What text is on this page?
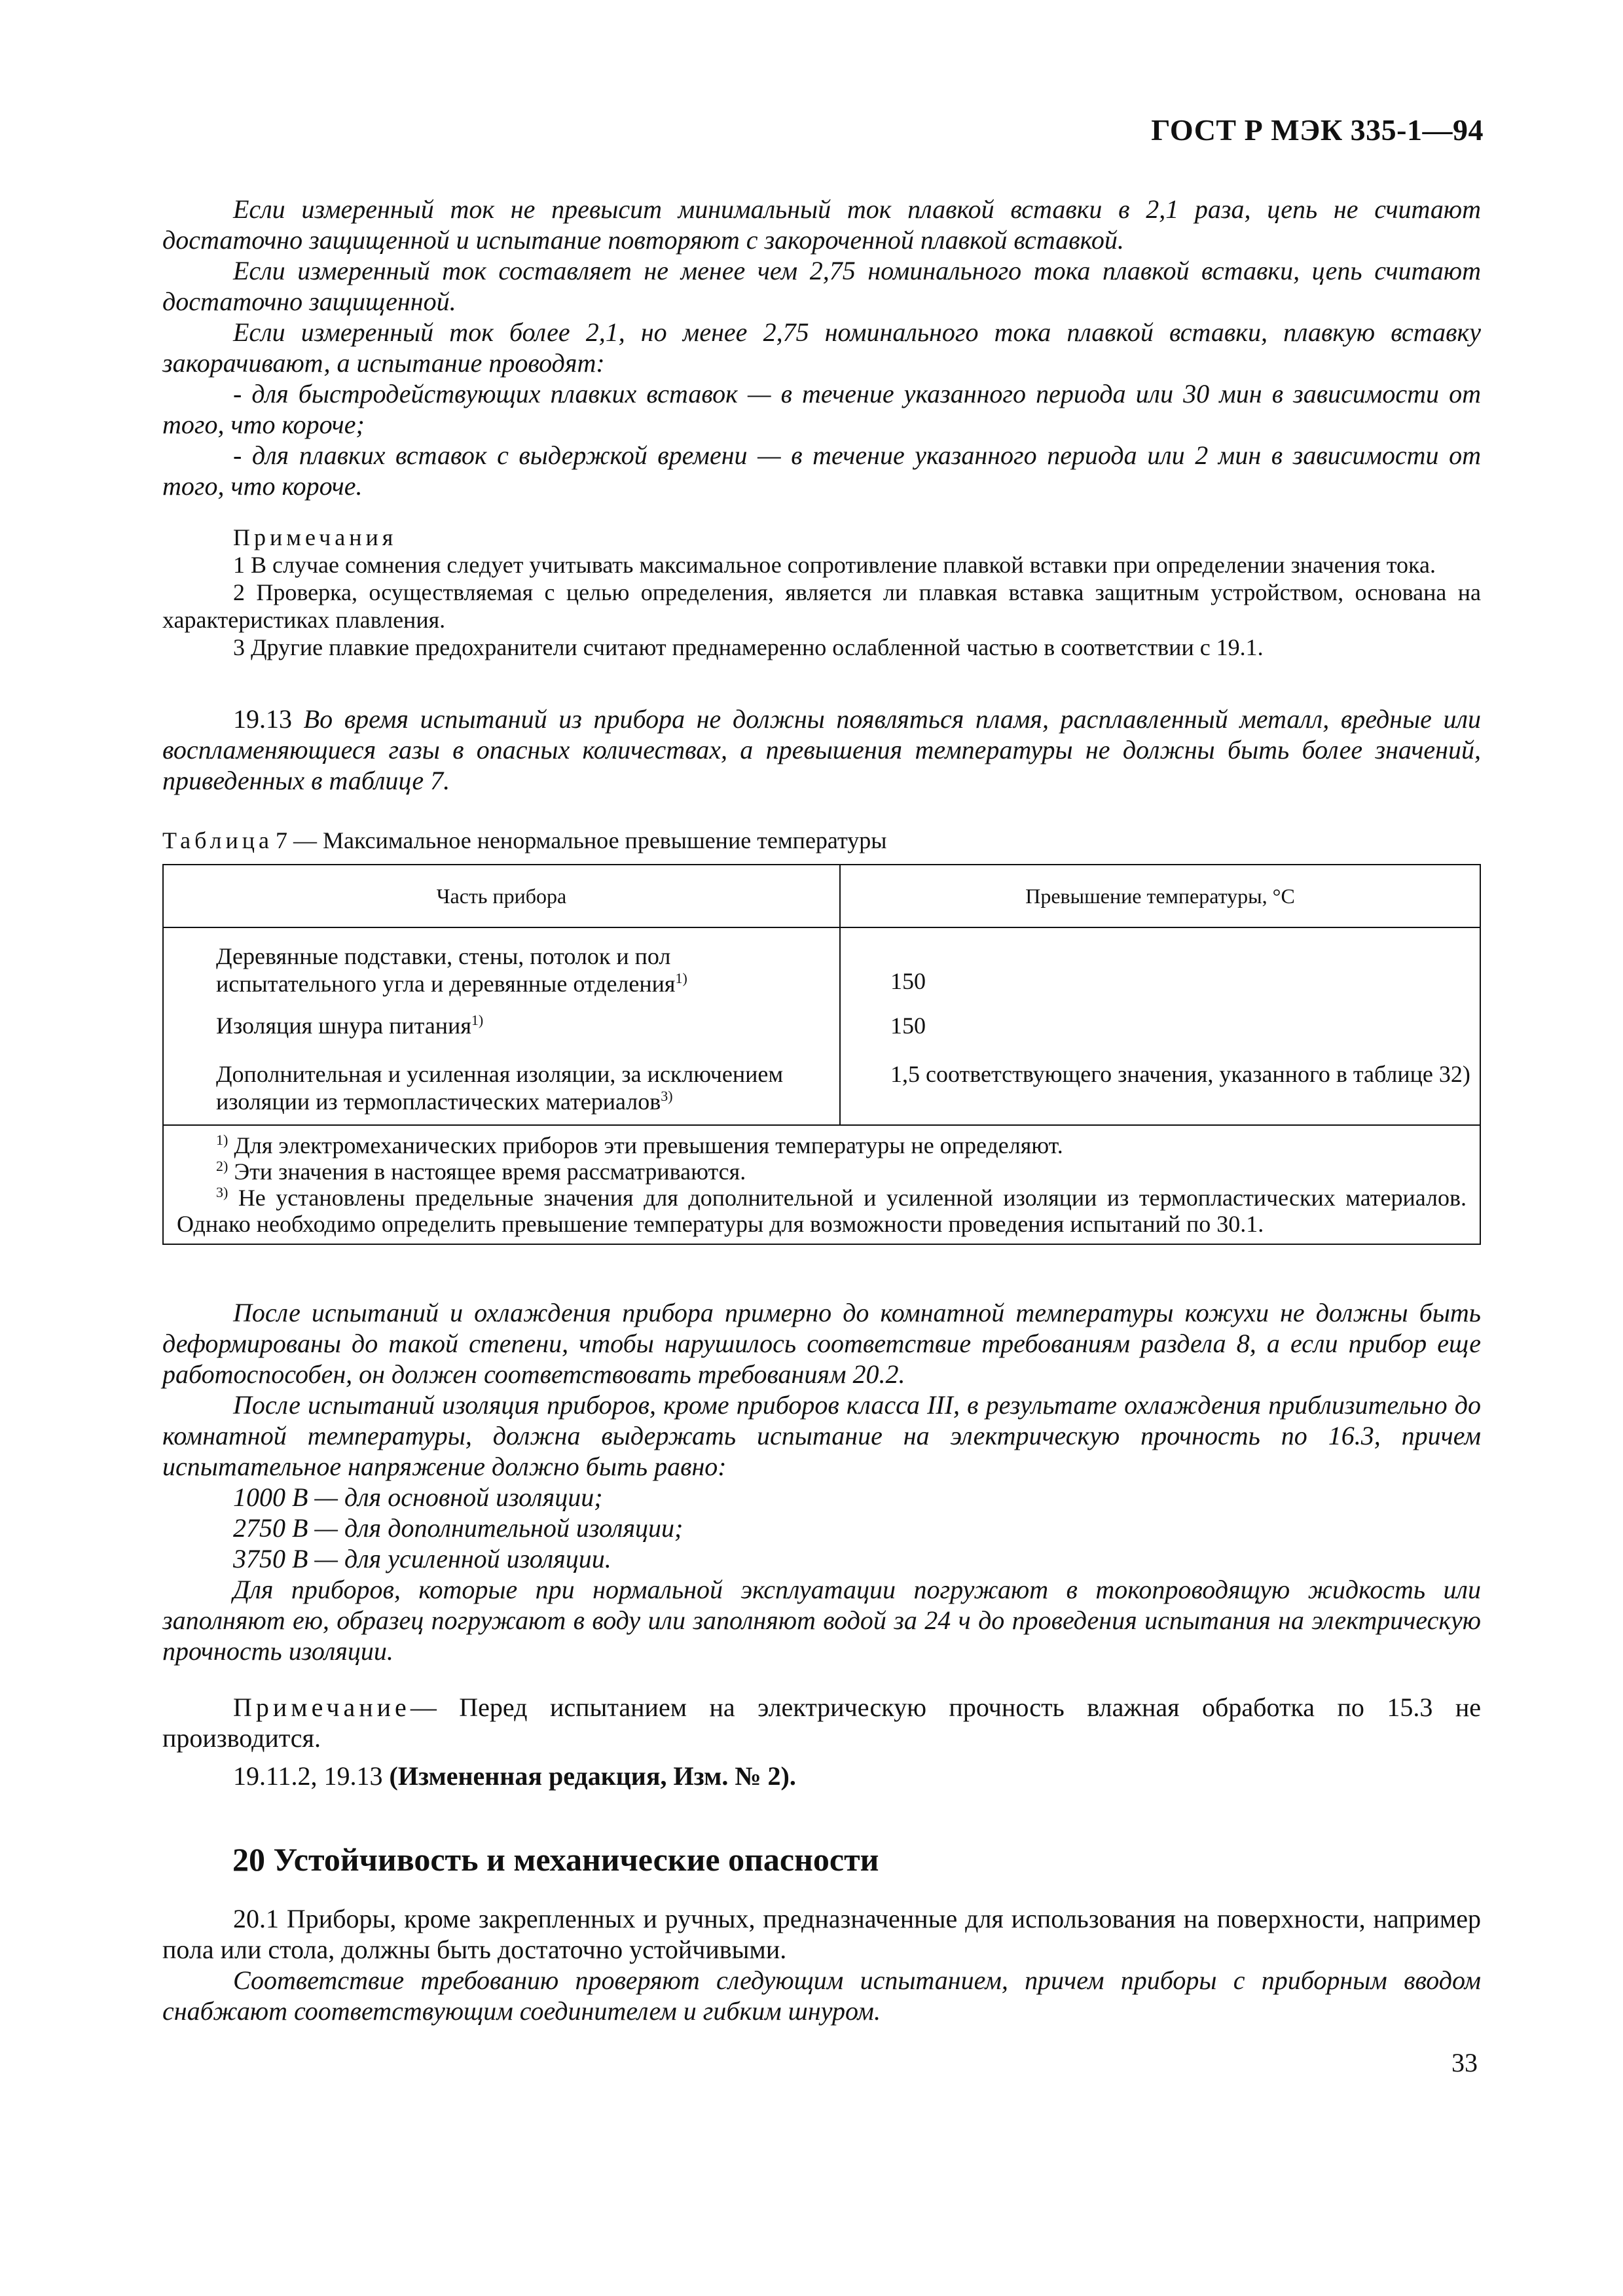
ГОСТ Р МЭК 335-1—94

Если измеренный ток не превысит минимальный ток плавкой вставки в 2,1 раза, цепь не считают достаточно защищенной и испытание повторяют с закороченной плавкой вставкой.

Если измеренный ток составляет не менее чем 2,75 номинального тока плавкой вставки, цепь считают достаточно защищенной.

Если измеренный ток более 2,1, но менее 2,75 номинального тока плавкой вставки, плавкую вставку закорачивают, а испытание проводят:

- для быстродействующих плавких вставок — в течение указанного периода или 30 мин в зависимости от того, что короче;

- для плавких вставок с выдержкой времени — в течение указанного периода или 2 мин в зависимости от того, что короче.

Примечания

1 В случае сомнения следует учитывать максимальное сопротивление плавкой вставки при определении значения тока.

2 Проверка, осуществляемая с целью определения, является ли плавкая вставка защитным устройством, основана на характеристиках плавления.

3 Другие плавкие предохранители считают преднамеренно ослабленной частью в соответствии с 19.1.

19.13 Во время испытаний из прибора не должны появляться пламя, расплавленный металл, вредные или воспламеняющиеся газы в опасных количествах, а превышения температуры не должны быть более значений, приведенных в таблице 7.

Таблица 7 — Максимальное ненормальное превышение температуры
Часть прибора	Превышение температуры, °С
Деревянные подставки, стены, потолок и пол испытательного угла и деревянные отделения$^{1)}$	150
Изоляция шнура питания$^{1)}$	150
Дополнительная и усиленная изоляции, за исключением изоляции из термопластических материалов$^{3)}$	1,5 соответствующего значения, указанного в таблице 32)

$^{1)}$ Для электромеханических приборов эти превышения температуры не определяют.
$^{2)}$ Эти значения в настоящее время рассматриваются.
$^{3)}$ Не установлены предельные значения для дополнительной и усиленной изоляции из термопластических материалов. Однако необходимо определить превышение температуры для возможности проведения испытаний по 30.1.	

После испытаний и охлаждения прибора примерно до комнатной температуры кожухи не должны быть деформированы до такой степени, чтобы нарушилось соответствие требованиям раздела 8, а если прибор еще работоспособен, он должен соответствовать требованиям 20.2.

После испытаний изоляция приборов, кроме приборов класса III, в результате охлаждения приблизительно до комнатной температуры, должна выдержать испытание на электрическую прочность по 16.3, причем испытательное напряжение должно быть равно:

1000 В — для основной изоляции;

2750 В — для дополнительной изоляции;

3750 В — для усиленной изоляции.

Для приборов, которые при нормальной эксплуатации погружают в токопроводящую жидкость или заполняют ею, образец погружают в воду или заполняют водой за 24 ч до проведения испытания на электрическую прочность изоляции.

Примечание— Перед испытанием на электрическую прочность влажная обработка по 15.3 не производится.

19.11.2, 19.13 (Измененная редакция, Изм. № 2).

20 Устойчивость и механические опасности

20.1 Приборы, кроме закрепленных и ручных, предназначенные для использования на поверхности, например пола или стола, должны быть достаточно устойчивыми.

Соответствие требованию проверяют следующим испытанием, причем приборы с приборным вводом снабжают соответствующим соединителем и гибким шнуром.

33
